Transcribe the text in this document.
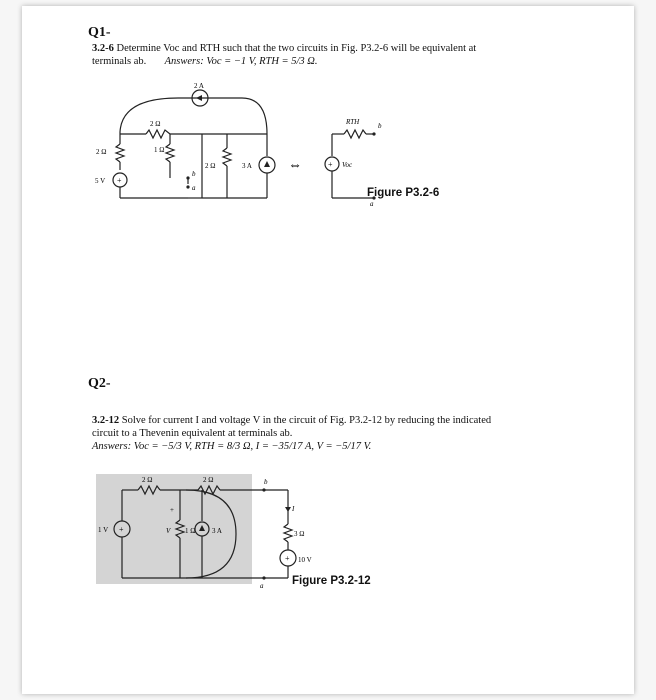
Q1-
3.2-6 Determine Voc and RTH such that the two circuits in Fig. P3.2-6 will be equivalent at
terminals ab. Answers: Voc = −1 V, RTH = 5/3 Ω.
2 A
2 Ω
2 Ω	1 Ω
2 Ω	3 A
5 V
b
a
+
⇔	+
RTH
Voc
b
a
Figure P3.2-6
Q2-
3.2-12 Solve for current I and voltage V in the circuit of Fig. P3.2-12 by reducing the indicated
circuit to a Thevenin equivalent at terminals ab.
Answers: Voc = −5/3 V, RTH = 8/3 Ω, I = −35/17 A, V = −5/17 V.
2 Ω	2 Ω
1 V +
+
V 1 Ω 3 A
b
a
I
3 Ω
+ 10 V
Figure P3.2-12
